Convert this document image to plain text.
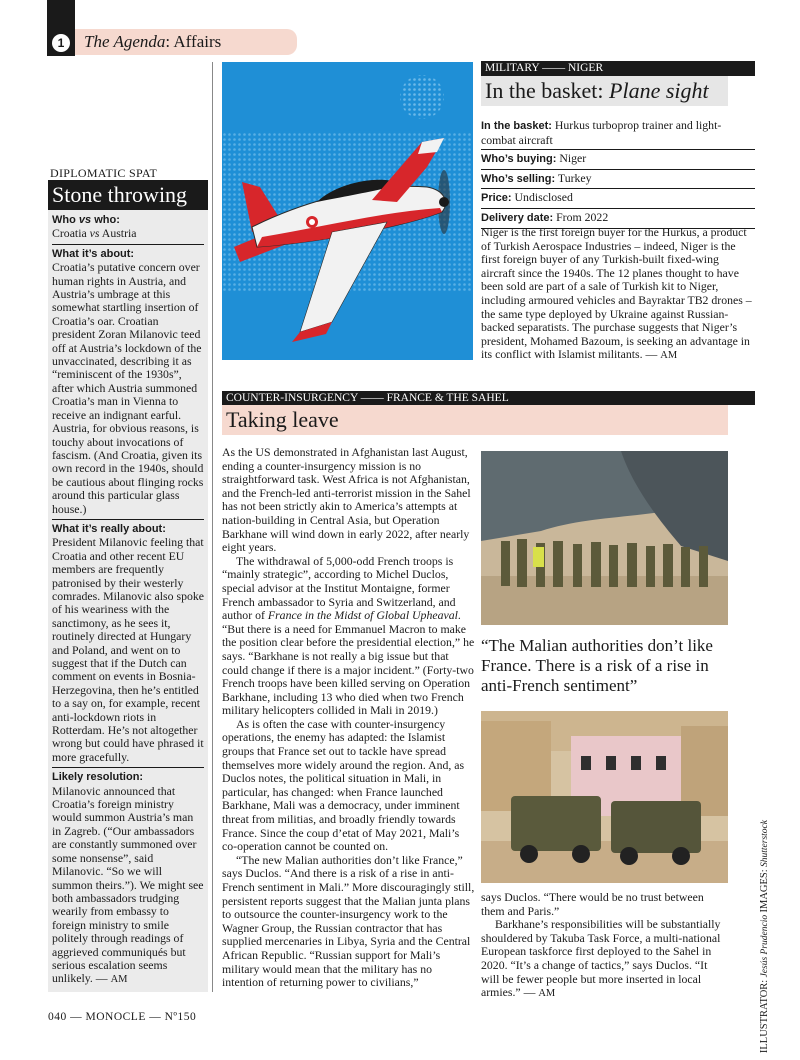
1	The Agenda: Affairs
DIPLOMATIC SPAT
Stone throwing
Who vs who:
Croatia vs Austria
What it’s about:
Croatia’s putative concern over human rights in Austria, and Austria’s umbrage at this somewhat startling insertion of Croatia’s oar. Croatian president Zoran Milanovic teed off at Austria’s lockdown of the unvaccinated, describing it as “reminiscent of the 1930s”, after which Austria summoned Croatia’s man in Vienna to receive an indignant earful. Austria, for obvious reasons, is touchy about invocations of fascism. (And Croatia, given its own record in the 1940s, should be cautious about flinging rocks around this particular glass house.)
What it’s really about:
President Milanovic feeling that Croatia and other recent EU members are frequently patronised by their westerly comrades. Milanovic also spoke of his weariness with the sanctimony, as he sees it, routinely directed at Hungary and Poland, and went on to suggest that if the Dutch can comment on events in Bosnia-Herzegovina, then he’s entitled to a say on, for example, recent anti-lockdown riots in Rotterdam. He’s not altogether wrong but could have phrased it more gracefully.
Likely resolution:
Milanovic announced that Croatia’s foreign ministry would summon Austria’s man in Zagreb. (“Our ambassadors are constantly summoned over some nonsense”, said Milanovic. “So we will summon theirs.”). We might see both ambassadors trudging wearily from embassy to foreign ministry to smile politely through readings of aggrieved communiqués but serious escalation seems unlikely. — AM
MILITARY —— NIGER
In the basket: Plane sight
In the basket: Hurkus turboprop trainer and light-combat aircraft
Who’s buying: Niger
Who’s selling: Turkey
Price: Undisclosed
Delivery date: From 2022
Niger is the first foreign buyer for the Hurkus, a product of Turkish Aerospace Industries – indeed, Niger is the first foreign buyer of any Turkish-built fixed-wing aircraft since the 1940s. The 12 planes thought to have been sold are part of a sale of Turkish kit to Niger, including armoured vehicles and Bayraktar TB2 drones – the same type deployed by Ukraine against Russian-backed separatists. The purchase suggests that Niger’s president, Mohamed Bazoum, is seeking an advantage in its conflict with Islamist militants. — AM
COUNTER-INSURGENCY —— FRANCE & THE SAHEL
Taking leave

As the US demonstrated in Afghanistan last August, ending a counter-insurgency mission is no straightforward task. West Africa is not Afghanistan, and the French-led anti-terrorist mission in the Sahel has not been strictly akin to America’s attempts at nation-building in Central Asia, but Operation Barkhane will wind down in early 2022, after nearly eight years.

The withdrawal of 5,000-odd French troops is “mainly strategic”, according to Michel Duclos, special advisor at the Institut Montaigne, former French ambassador to Syria and Switzerland, and author of France in the Midst of Global Upheaval. “But there is a need for Emmanuel Macron to make the position clear before the presidential election,” he says. “Barkhane is not really a big issue but that could change if there is a major incident.” (Forty-two French troops have been killed serving on Operation Barkhane, including 13 who died when two French military helicopters collided in Mali in 2019.)

As is often the case with counter-insurgency operations, the enemy has adapted: the Islamist groups that France set out to tackle have spread themselves more widely around the region. And, as Duclos notes, the political situation in Mali, in particular, has changed: when France launched Barkhane, Mali was a democracy, under imminent threat from militias, and broadly friendly towards France. Since the coup d’etat of May 2021, Mali’s co-operation cannot be counted on.

“The new Malian authorities don’t like France,” says Duclos. “And there is a risk of a rise in anti-French sentiment in Mali.” More discouragingly still, persistent reports suggest that the Malian junta plans to outsource the counter-insurgency work to the Wagner Group, the Russian contractor that has supplied mercenaries in Libya, Syria and the Central African Republic. “Russian support for Mali’s military would mean that the military has no intention of returning power to civilians,”

“The Malian authorities don’t like France. There is a risk of a rise in anti-French sentiment”

says Duclos. “There would be no trust between them and Paris.”

Barkhane’s responsibilities will be substantially shouldered by Takuba Task Force, a multi-national European taskforce first deployed to the Sahel in 2020. “It’s a change of tactics,” says Duclos. “It will be fewer people but more inserted in local armies.” — AM	ILLUSTRATOR: Jesús Prudencio IMAGES: Shutterstock
040 — MONOCLE — Nº150
